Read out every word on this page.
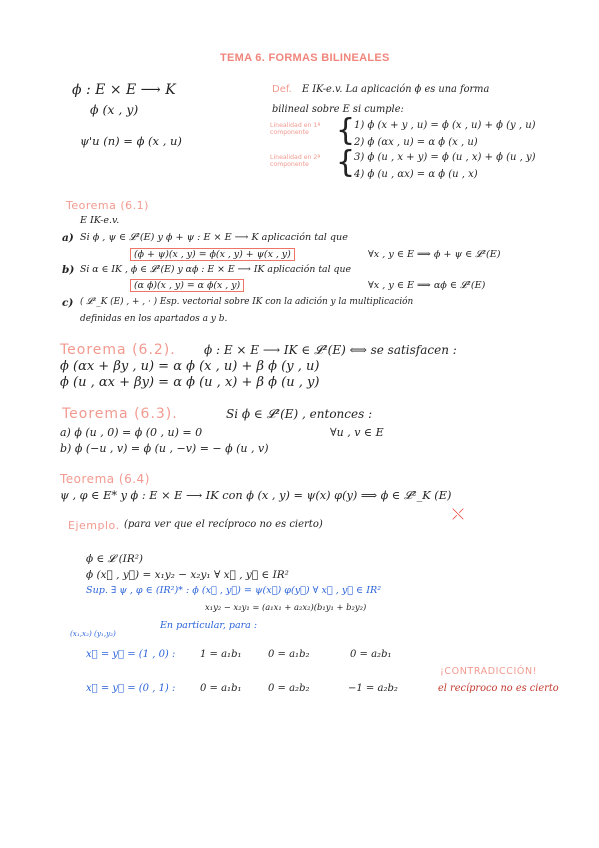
TEMA 6. FORMAS BILINEALES
ϕ : E × E ⟶ K
ϕ (x , y)
ψ'u (n) = ϕ (x , u)
Def. E IK-e.v. La aplicación ϕ es una forma
bilineal sobre E si cumple:
Linealidad en 1ª componente {
1) ϕ (x + y , u) = ϕ (x , u) + ϕ (y , u)
2) ϕ (αx , u) = α ϕ (x , u)
Linealidad en 2ª componente {
3) ϕ (u , x + y) = ϕ (u , x) + ϕ (u , y)
4) ϕ (u , αx) = α ϕ (u , x)
Teorema (6.1)
E IK-e.v.
a) Si ϕ , ψ ∈ 𝓛²(E) y ϕ + ψ : E × E ⟶ K aplicación tal que
(ϕ + ψ)(x , y) = ϕ(x , y) + ψ(x , y)	∀x , y ∈ E ⟹ ϕ + ψ ∈ 𝓛²(E)
b) Si α ∈ IK , ϕ ∈ 𝓛²(E) y αϕ : E × E ⟶ IK aplicación tal que
(α ϕ)(x , y) = α ϕ(x , y)	∀x , y ∈ E ⟹ αϕ ∈ 𝓛²(E)
c) ( 𝓛²_K (E) , + , · ) Esp. vectorial sobre IK con la adición y la multiplicación
definidas en los apartados a y b.
Teorema (6.2). ϕ : E × E ⟶ IK ∈ 𝓛²(E) ⟺ se satisfacen :
ϕ (αx + βy , u) = α ϕ (x , u) + β ϕ (y , u)
ϕ (u , αx + βy) = α ϕ (u , x) + β ϕ (u , y)
Teorema (6.3).	Si ϕ ∈ 𝓛²(E) , entonces :
a) ϕ (u , 0) = ϕ (0 , u) = 0	∀u , v ∈ E
b) ϕ (−u , v) = ϕ (u , −v) = − ϕ (u , v)
Teorema (6.4)
ψ , φ ∈ E* y ϕ : E × E ⟶ IK con ϕ (x , y) = ψ(x) φ(y) ⟹ ϕ ∈ 𝓛²_K (E)
⤬
Ejemplo. (para ver que el recíproco no es cierto)
ϕ ∈ 𝓛 (IR²)
ϕ (x⃗ , y⃗) = x₁y₂ − x₂y₁ ∀ x⃗ , y⃗ ∈ IR²
Sup. ∃ ψ , φ ∈ (IR²)* : ϕ (x⃗ , y⃗) = ψ(x⃗) φ(y⃗) ∀ x⃗ , y⃗ ∈ IR²
x₁y₂ − x₂y₁ = (a₁x₁ + a₂x₂)(b₁y₁ + b₂y₂)
(x₁,x₂) (y₁,y₂)
En particular, para :
x⃗ = y⃗ = (1 , 0) : 1 = a₁b₁	0 = a₁b₂	0 = a₂b₁
¡CONTRADICCIÓN!
x⃗ = y⃗ = (0 , 1) : 0 = a₁b₁	0 = a₂b₂	−1 = a₂b₂	el recíproco no es cierto
